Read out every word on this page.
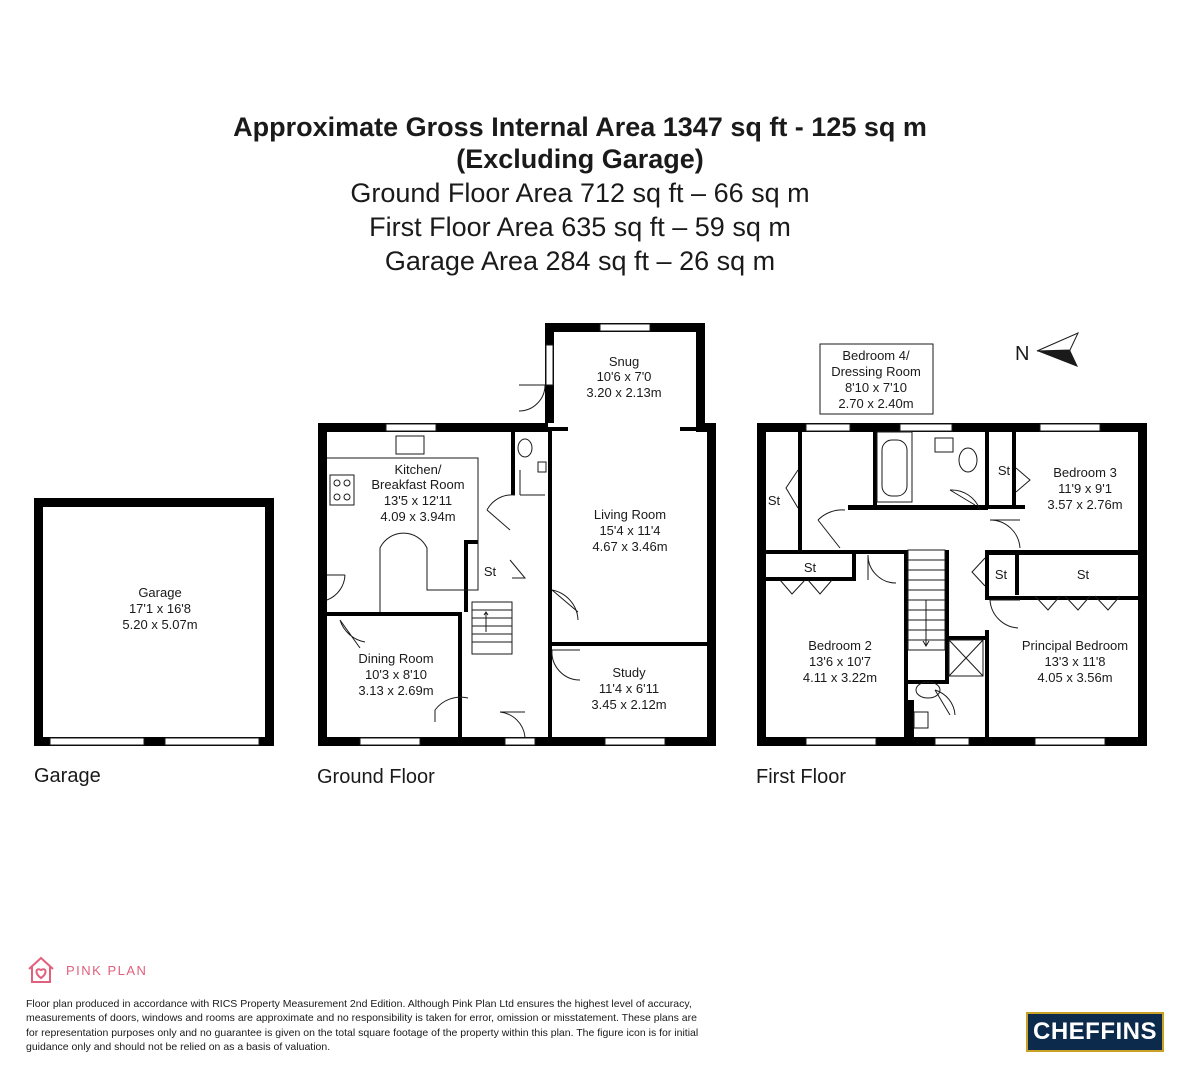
Approximate Gross Internal Area 1347 sq ft - 125 sq m
(Excluding Garage)
Ground Floor Area 712 sq ft – 66 sq m
First Floor Area 635 sq ft – 59 sq m
Garage Area 284 sq ft – 26 sq m
Garage
17'1 x 16'8
5.20 x 5.07m
Garage
Snug
10'6 x 7'0
3.20 x 2.13m
Kitchen/
Breakfast Room
13'5 x 12'11
4.09 x 3.94m	Living Room
15'4 x 11'4
4.67 x 3.46m
Dining Room
10'3 x 8'10
3.13 x 2.69m
Study
11'4 x 6'11
3.45 x 2.12m
St
Ground Floor
Bedroom 4/
Dressing Room
8'10 x 7'10
2.70 x 2.40m
Bedroom 3
11'9 x 9'1
3.57 x 2.76m
Bedroom 2
13'6 x 10'7
4.11 x 3.22m
Principal Bedroom
13'3 x 11'8
4.05 x 3.56m
St
St
St	St	St
First Floor
N
PINK PLAN
Floor plan produced in accordance with RICS Property Measurement 2nd Edition. Although Pink Plan Ltd ensures the highest level of accuracy, measurements of doors, windows and rooms are approximate and no responsibility is taken for error, omission or misstatement. These plans are for representation purposes only and no guarantee is given on the total square footage of the property within this plan. The figure icon is for initial guidance only and should not be relied on as a basis of valuation.
CHEFFINS
